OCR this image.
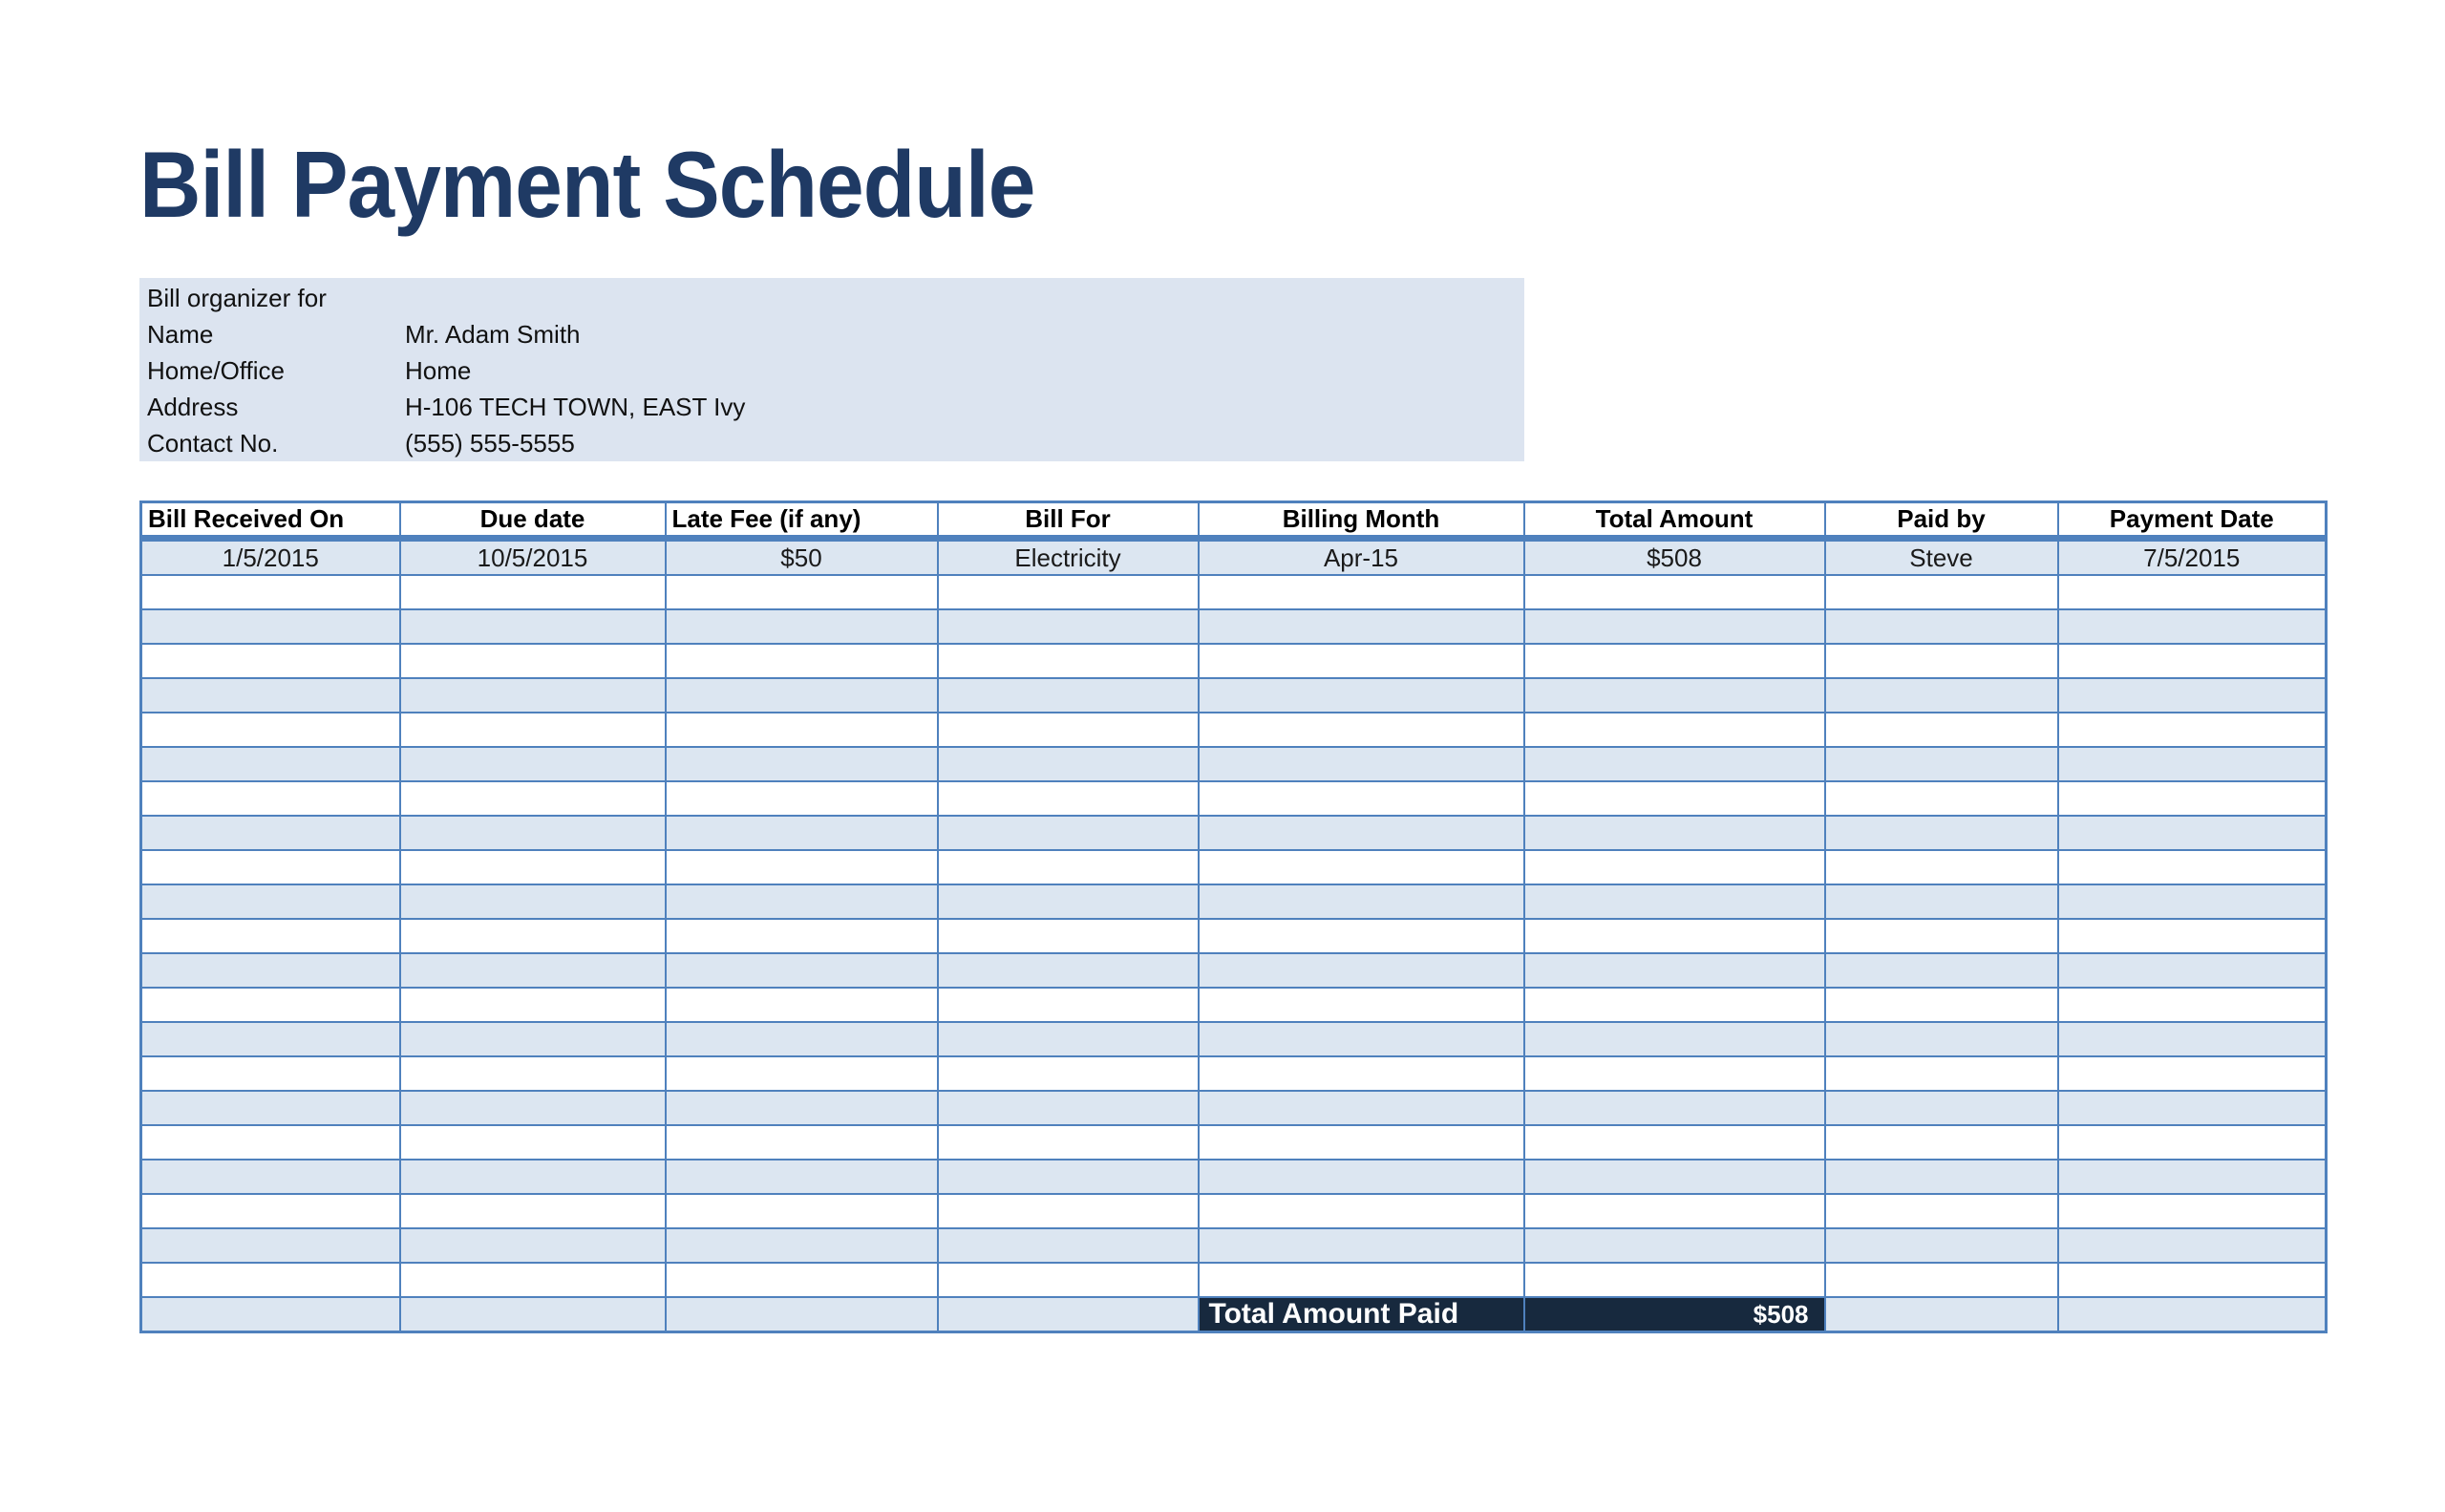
Bill Payment Schedule
Bill organizer for
Name	Mr. Adam Smith
Home/Office	Home
Address	H-106 TECH TOWN, EAST Ivy
Contact No.	(555) 555-5555
Bill Received On	Due date	Late Fee (if any)	Bill For	Billing Month	Total Amount	Paid by	Payment Date
1/5/2015	10/5/2015	$50	Electricity	Apr-15	$508	Steve	7/5/2015

				Total Amount Paid	$508		
